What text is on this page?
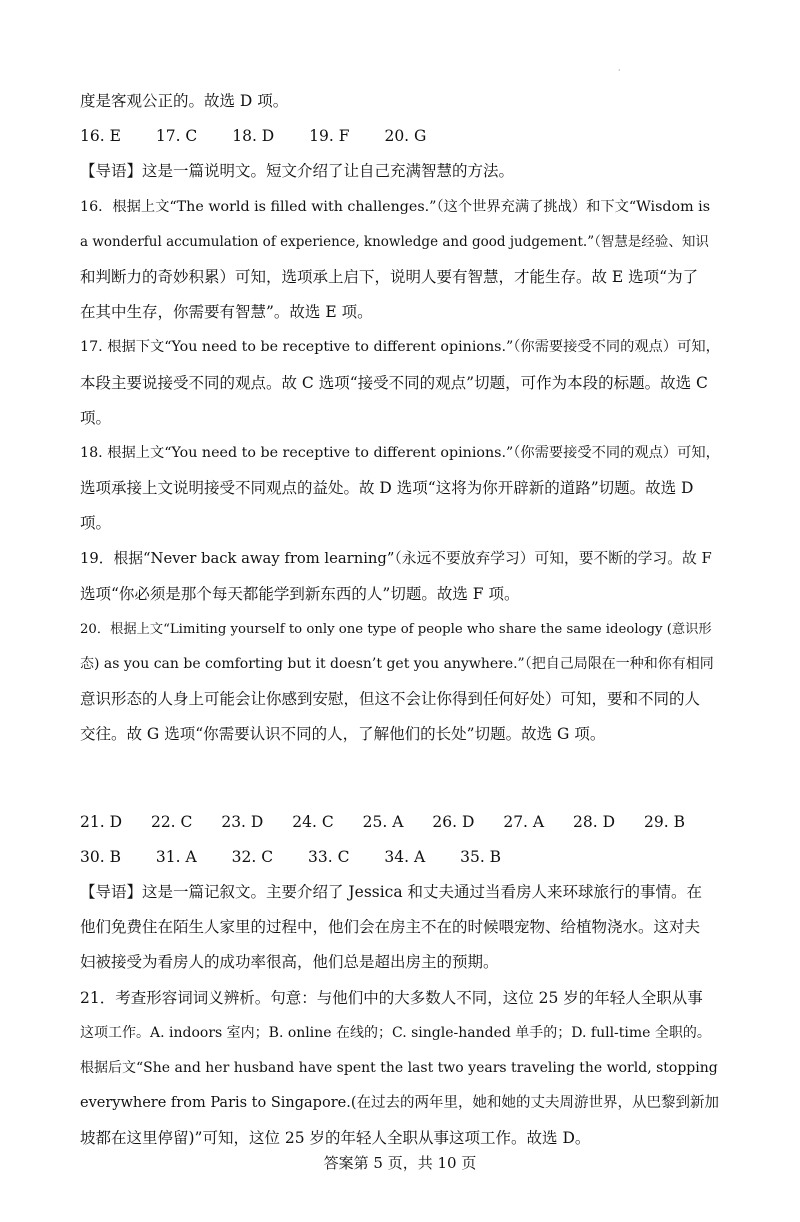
·
度是客观公正的。故选 D 项。
16. E 17. C 18. D 19. F 20. G
【导语】这是一篇说明文。短文介绍了让自己充满智慧的方法。
16．根据上文“The world is filled with challenges.”（这个世界充满了挑战）和下文“Wisdom is
a wonderful accumulation of experience, knowledge and good judgement.”（智慧是经验、知识
和判断力的奇妙积累）可知，选项承上启下，说明人要有智慧，才能生存。故 E 选项“为了
在其中生存，你需要有智慧”。故选 E 项。
17. 根据下文“You need to be receptive to different opinions.”（你需要接受不同的观点）可知，
本段主要说接受不同的观点。故 C 选项“接受不同的观点”切题，可作为本段的标题。故选 C
项。
18. 根据上文“You need to be receptive to different opinions.”（你需要接受不同的观点）可知，
选项承接上文说明接受不同观点的益处。故 D 选项“这将为你开辟新的道路”切题。故选 D
项。
19．根据“Never back away from learning”（永远不要放弃学习）可知，要不断的学习。故 F
选项“你必须是那个每天都能学到新东西的人”切题。故选 F 项。
20．根据上文“Limiting yourself to only one type of people who share the same ideology (意识形
态) as you can be comforting but it doesn’t get you anywhere.”（把自己局限在一种和你有相同
意识形态的人身上可能会让你感到安慰，但这不会让你得到任何好处）可知，要和不同的人
交往。故 G 选项“你需要认识不同的人，了解他们的长处”切题。故选 G 项。
21. D 22. C 23. D 24. C 25. A 26. D 27. A 28. D 29. B
30. B 31. A 32. C 33. C 34. A 35. B
【导语】这是一篇记叙文。主要介绍了 Jessica 和丈夫通过当看房人来环球旅行的事情。在
他们免费住在陌生人家里的过程中，他们会在房主不在的时候喂宠物、给植物浇水。这对夫
妇被接受为看房人的成功率很高，他们总是超出房主的预期。
21．考查形容词词义辨析。句意：与他们中的大多数人不同，这位 25 岁的年轻人全职从事
这项工作。A. indoors 室内；B. online 在线的；C. single-handed 单手的；D. full-time 全职的。
根据后文“She and her husband have spent the last two years traveling the world, stopping
everywhere from Paris to Singapore.(在过去的两年里，她和她的丈夫周游世界，从巴黎到新加
坡都在这里停留)”可知，这位 25 岁的年轻人全职从事这项工作。故选 D。
答案第 5 页，共 10 页
